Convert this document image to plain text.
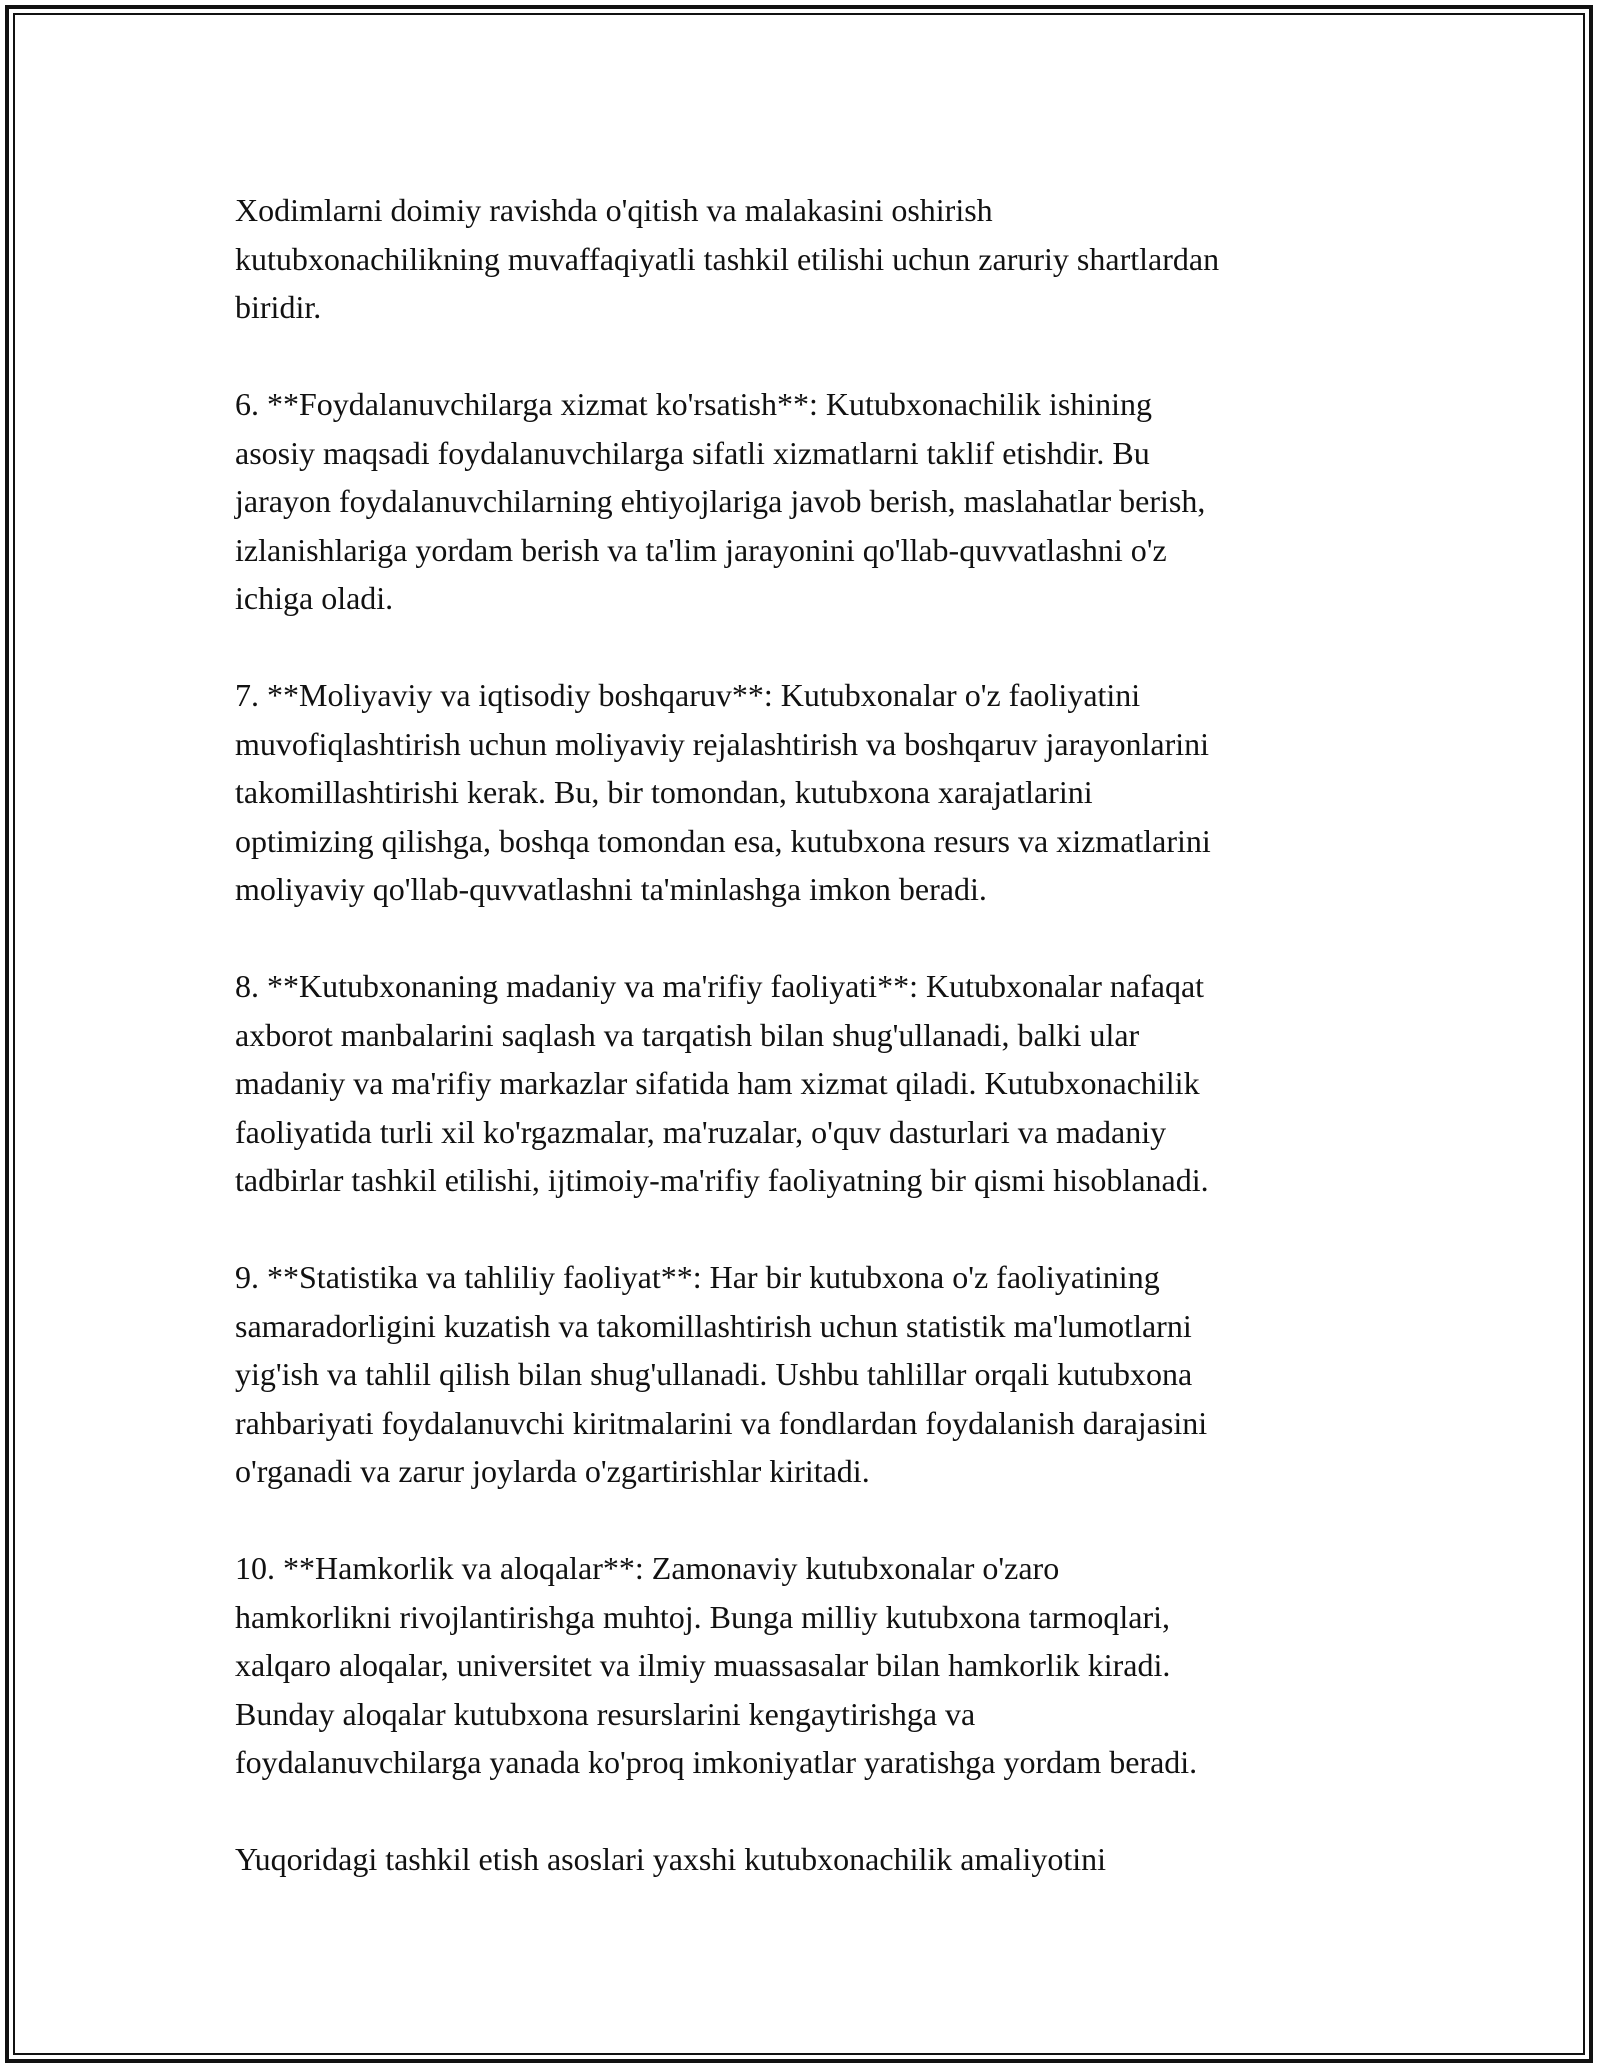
Xodimlarni doimiy ravishda o'qitish va malakasini oshirish
kutubxonachilikning muvaffaqiyatli tashkil etilishi uchun zaruriy shartlardan
biridir.

6. **Foydalanuvchilarga xizmat ko'rsatish**: Kutubxonachilik ishining
asosiy maqsadi foydalanuvchilarga sifatli xizmatlarni taklif etishdir. Bu
jarayon foydalanuvchilarning ehtiyojlariga javob berish, maslahatlar berish,
izlanishlariga yordam berish va ta'lim jarayonini qo'llab-quvvatlashni o'z
ichiga oladi.

7. **Moliyaviy va iqtisodiy boshqaruv**: Kutubxonalar o'z faoliyatini
muvofiqlashtirish uchun moliyaviy rejalashtirish va boshqaruv jarayonlarini
takomillashtirishi kerak. Bu, bir tomondan, kutubxona xarajatlarini
optimizing qilishga, boshqa tomondan esa, kutubxona resurs va xizmatlarini
moliyaviy qo'llab-quvvatlashni ta'minlashga imkon beradi.

8. **Kutubxonaning madaniy va ma'rifiy faoliyati**: Kutubxonalar nafaqat
axborot manbalarini saqlash va tarqatish bilan shug'ullanadi, balki ular
madaniy va ma'rifiy markazlar sifatida ham xizmat qiladi. Kutubxonachilik
faoliyatida turli xil ko'rgazmalar, ma'ruzalar, o'quv dasturlari va madaniy
tadbirlar tashkil etilishi, ijtimoiy-ma'rifiy faoliyatning bir qismi hisoblanadi.

9. **Statistika va tahliliy faoliyat**: Har bir kutubxona o'z faoliyatining
samaradorligini kuzatish va takomillashtirish uchun statistik ma'lumotlarni
yig'ish va tahlil qilish bilan shug'ullanadi. Ushbu tahlillar orqali kutubxona
rahbariyati foydalanuvchi kiritmalarini va fondlardan foydalanish darajasini
o'rganadi va zarur joylarda o'zgartirishlar kiritadi.

10. **Hamkorlik va aloqalar**: Zamonaviy kutubxonalar o'zaro
hamkorlikni rivojlantirishga muhtoj. Bunga milliy kutubxona tarmoqlari,
xalqaro aloqalar, universitet va ilmiy muassasalar bilan hamkorlik kiradi.
Bunday aloqalar kutubxona resurslarini kengaytirishga va
foydalanuvchilarga yanada ko'proq imkoniyatlar yaratishga yordam beradi.

Yuqoridagi tashkil etish asoslari yaxshi kutubxonachilik amaliyotini
